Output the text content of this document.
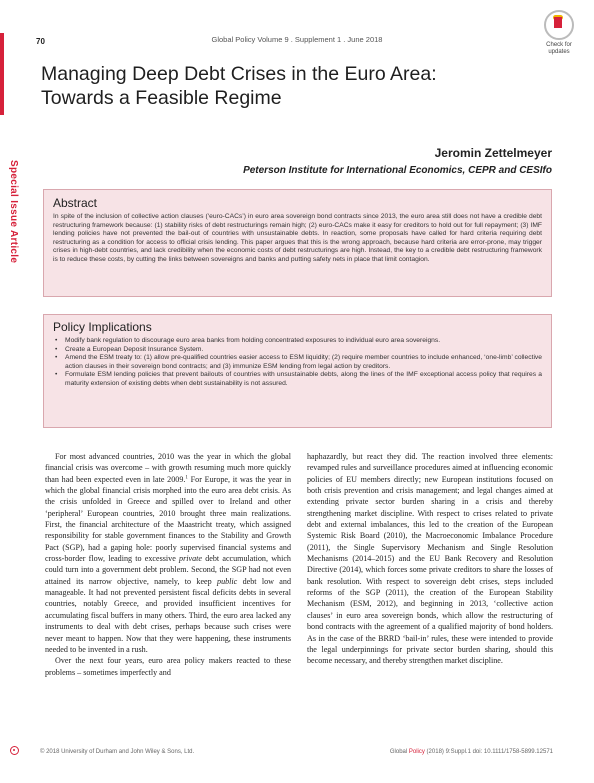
70	Global Policy Volume 9 . Supplement 1 . June 2018
Check for
updates
Managing Deep Debt Crises in the Euro Area:
Towards a Feasible Regime
Special Issue Article
Jeromin Zettelmeyer
Peterson Institute for International Economics, CEPR and CESIfo
Abstract

In spite of the inclusion of collective action clauses (‘euro-CACs’) in euro area sovereign bond contracts since 2013, the euro area still does not have a credible debt restructuring framework because: (1) stability risks of debt restructurings remain high; (2) euro-CACs make it easy for creditors to hold out for full repayment; (3) IMF lending policies have not prevented the bail-out of countries with unsustainable debts. In reaction, some proposals have called for hard criteria requiring debt restructuring as a condition for access to official crisis lending. This paper argues that this is the wrong approach, because hard criteria are error-prone, may trigger crises in high-debt countries, and lack credibility when the economic costs of debt restructurings are high. Instead, the key to a credible debt restructuring framework is to reduce these costs, by cutting the links between sovereigns and banks and putting safety nets in place that limit contagion.

Policy Implications
• Modify bank regulation to discourage euro area banks from holding concentrated exposures to individual euro area sovereigns.
• Create a European Deposit Insurance System.
• Amend the ESM treaty to: (1) allow pre-qualified countries easier access to ESM liquidity; (2) require member countries to include enhanced, ‘one-limb’ collective action clauses in their sovereign bond contracts; and (3) immunize ESM lending from legal action by creditors.
• Formulate ESM lending policies that prevent bailouts of countries with unsustainable debts, along the lines of the IMF exceptional access policy that requires a maturity extension of existing debts when debt sustainability is not assured.

For most advanced countries, 2010 was the year in which the global financial crisis was overcome – with growth resuming much more quickly than had been expected even in late 2009.$^1$ For Europe, it was the year in which the global financial crisis morphed into the euro area debt crisis. As the crisis unfolded in Greece and spilled over to Ireland and other ‘peripheral’ European countries, 2010 brought three main realizations. First, the financial architecture of the Maastricht treaty, which assigned responsibility for stable government finances to the Stability and Growth Pact (SGP), had a gaping hole: poorly supervised financial systems and cross-border flow, leading to excessive private debt accumulation, which could turn into a government debt problem. Second, the SGP had not even attained its narrow objective, namely, to keep public debt low and manageable. It had not prevented persistent fiscal deficits debts in several countries, notably Greece, and provided insufficient incentives for accumulating fiscal buffers in many others. Third, the euro area lacked any instruments to deal with debt crises, perhaps because such crises were never meant to happen. Now that they were happening, these instruments needed to be invented in a rush.

Over the next four years, euro area policy makers reacted to these problems – sometimes imperfectly and

haphazardly, but react they did. The reaction involved three elements: revamped rules and surveillance procedures aimed at influencing economic policies of EU members directly; new European institutions focused on both crisis prevention and crisis management; and legal changes aimed at extending private sector burden sharing in a crisis and thereby strengthening market discipline. With respect to crises related to private debt and external imbalances, this led to the creation of the European Systemic Risk Board (2010), the Macroeconomic Imbalance Procedure (2011), the Single Supervisory Mechanism and Single Resolution Mechanisms (2014–2015) and the EU Bank Recovery and Resolution Directive (2014), which forces some private creditors to share the losses of bank resolution. With respect to sovereign debt crises, steps included reforms of the SGP (2011), the creation of the European Stability Mechanism (ESM, 2012), and beginning in 2013, ‘collective action clauses’ in euro area sovereign bonds, which allow the restructuring of bond contracts with the agreement of a qualified majority of bond holders. As in the case of the BRRD ‘bail-in’ rules, these were intended to provide the legal underpinnings for private sector burden sharing, should this become necessary, and thereby strengthen market discipline.

© 2018 University of Durham and John Wiley & Sons, Ltd.	Global Policy (2018) 9:Suppl.1 doi: 10.1111/1758-5899.12571
